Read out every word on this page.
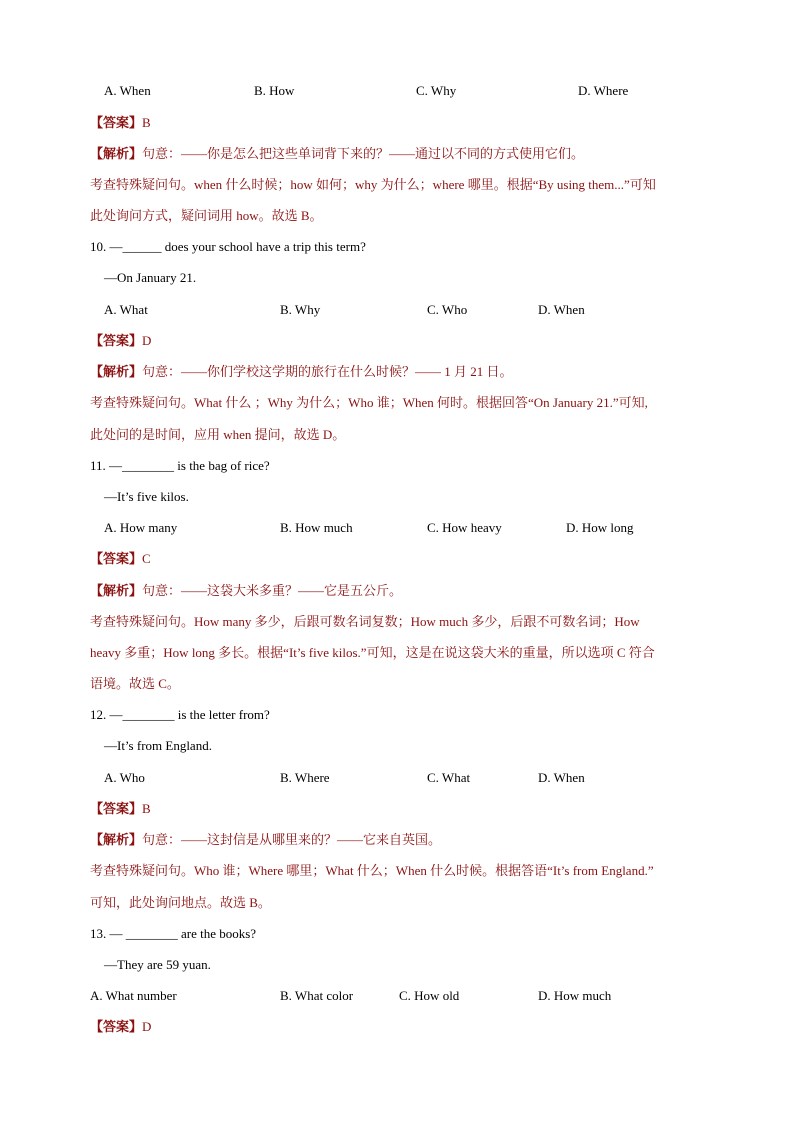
A. When	B. How	C. Why	D. Where
【答案】B
【解析】句意：——你是怎么把这些单词背下来的？——通过以不同的方式使用它们。
考查特殊疑问句。when 什么时候；how 如何；why 为什么；where 哪里。根据“By using them...”可知
此处询问方式，疑问词用 how。故选 B。
10. —______ does your school have a trip this term?
—On January 21.
A. What	B. Why	C. Who	D. When
【答案】D
【解析】句意：——你们学校这学期的旅行在什么时候？—— 1 月 21 日。
考查特殊疑问句。What 什么 ；Why 为什么；Who 谁；When 何时。根据回答“On January 21.”可知,
此处问的是时间，应用 when 提问，故选 D。
11. —________ is the bag of rice?
—It’s five kilos.
A. How many	B. How much	C. How heavy	D. How long
【答案】C
【解析】句意：——这袋大米多重？——它是五公斤。
考查特殊疑问句。How many 多少，后跟可数名词复数；How much 多少，后跟不可数名词；How
heavy 多重；How long 多长。根据“It’s five kilos.”可知，这是在说这袋大米的重量，所以选项 C 符合
语境。故选 C。
12. —________ is the letter from?
—It’s from England.
A. Who	B. Where	C. What	D. When
【答案】B
【解析】句意：——这封信是从哪里来的？——它来自英国。
考查特殊疑问句。Who 谁；Where 哪里；What 什么；When 什么时候。根据答语“It’s from England.”
可知，此处询问地点。故选 B。
13. — ________ are the books?
—They are 59 yuan.
A. What number	B. What color	C. How old	D. How much
【答案】D
